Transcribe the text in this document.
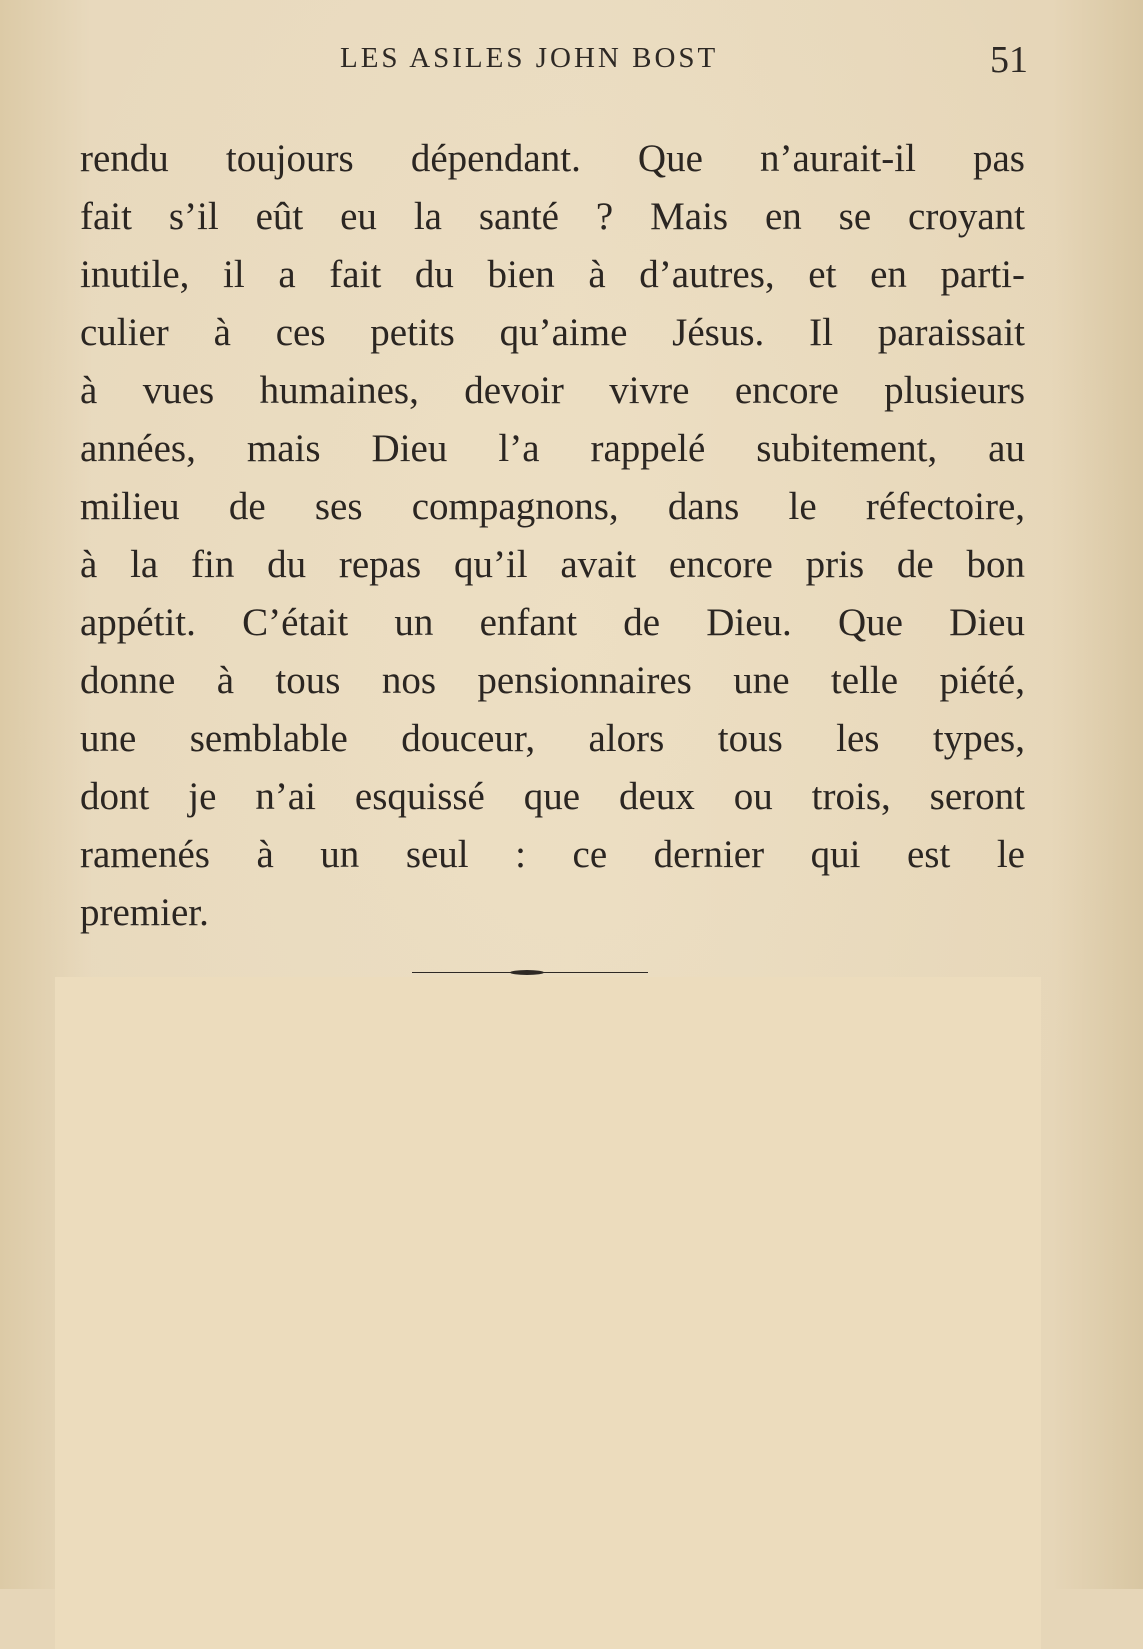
LES ASILES JOHN BOST	51
rendu toujours dépendant. Que n’aurait-il pas
fait s’il eût eu la santé ? Mais en se croyant
inutile, il a fait du bien à d’autres, et en parti-
culier à ces petits qu’aime Jésus. Il paraissait
à vues humaines, devoir vivre encore plusieurs
années, mais Dieu l’a rappelé subitement, au
milieu de ses compagnons, dans le réfectoire,
à la fin du repas qu’il avait encore pris de bon
appétit. C’était un enfant de Dieu. Que Dieu
donne à tous nos pensionnaires une telle piété,
une semblable douceur, alors tous les types,
dont je n’ai esquissé que deux ou trois, seront
ramenés à un seul : ce dernier qui est le
premier.
